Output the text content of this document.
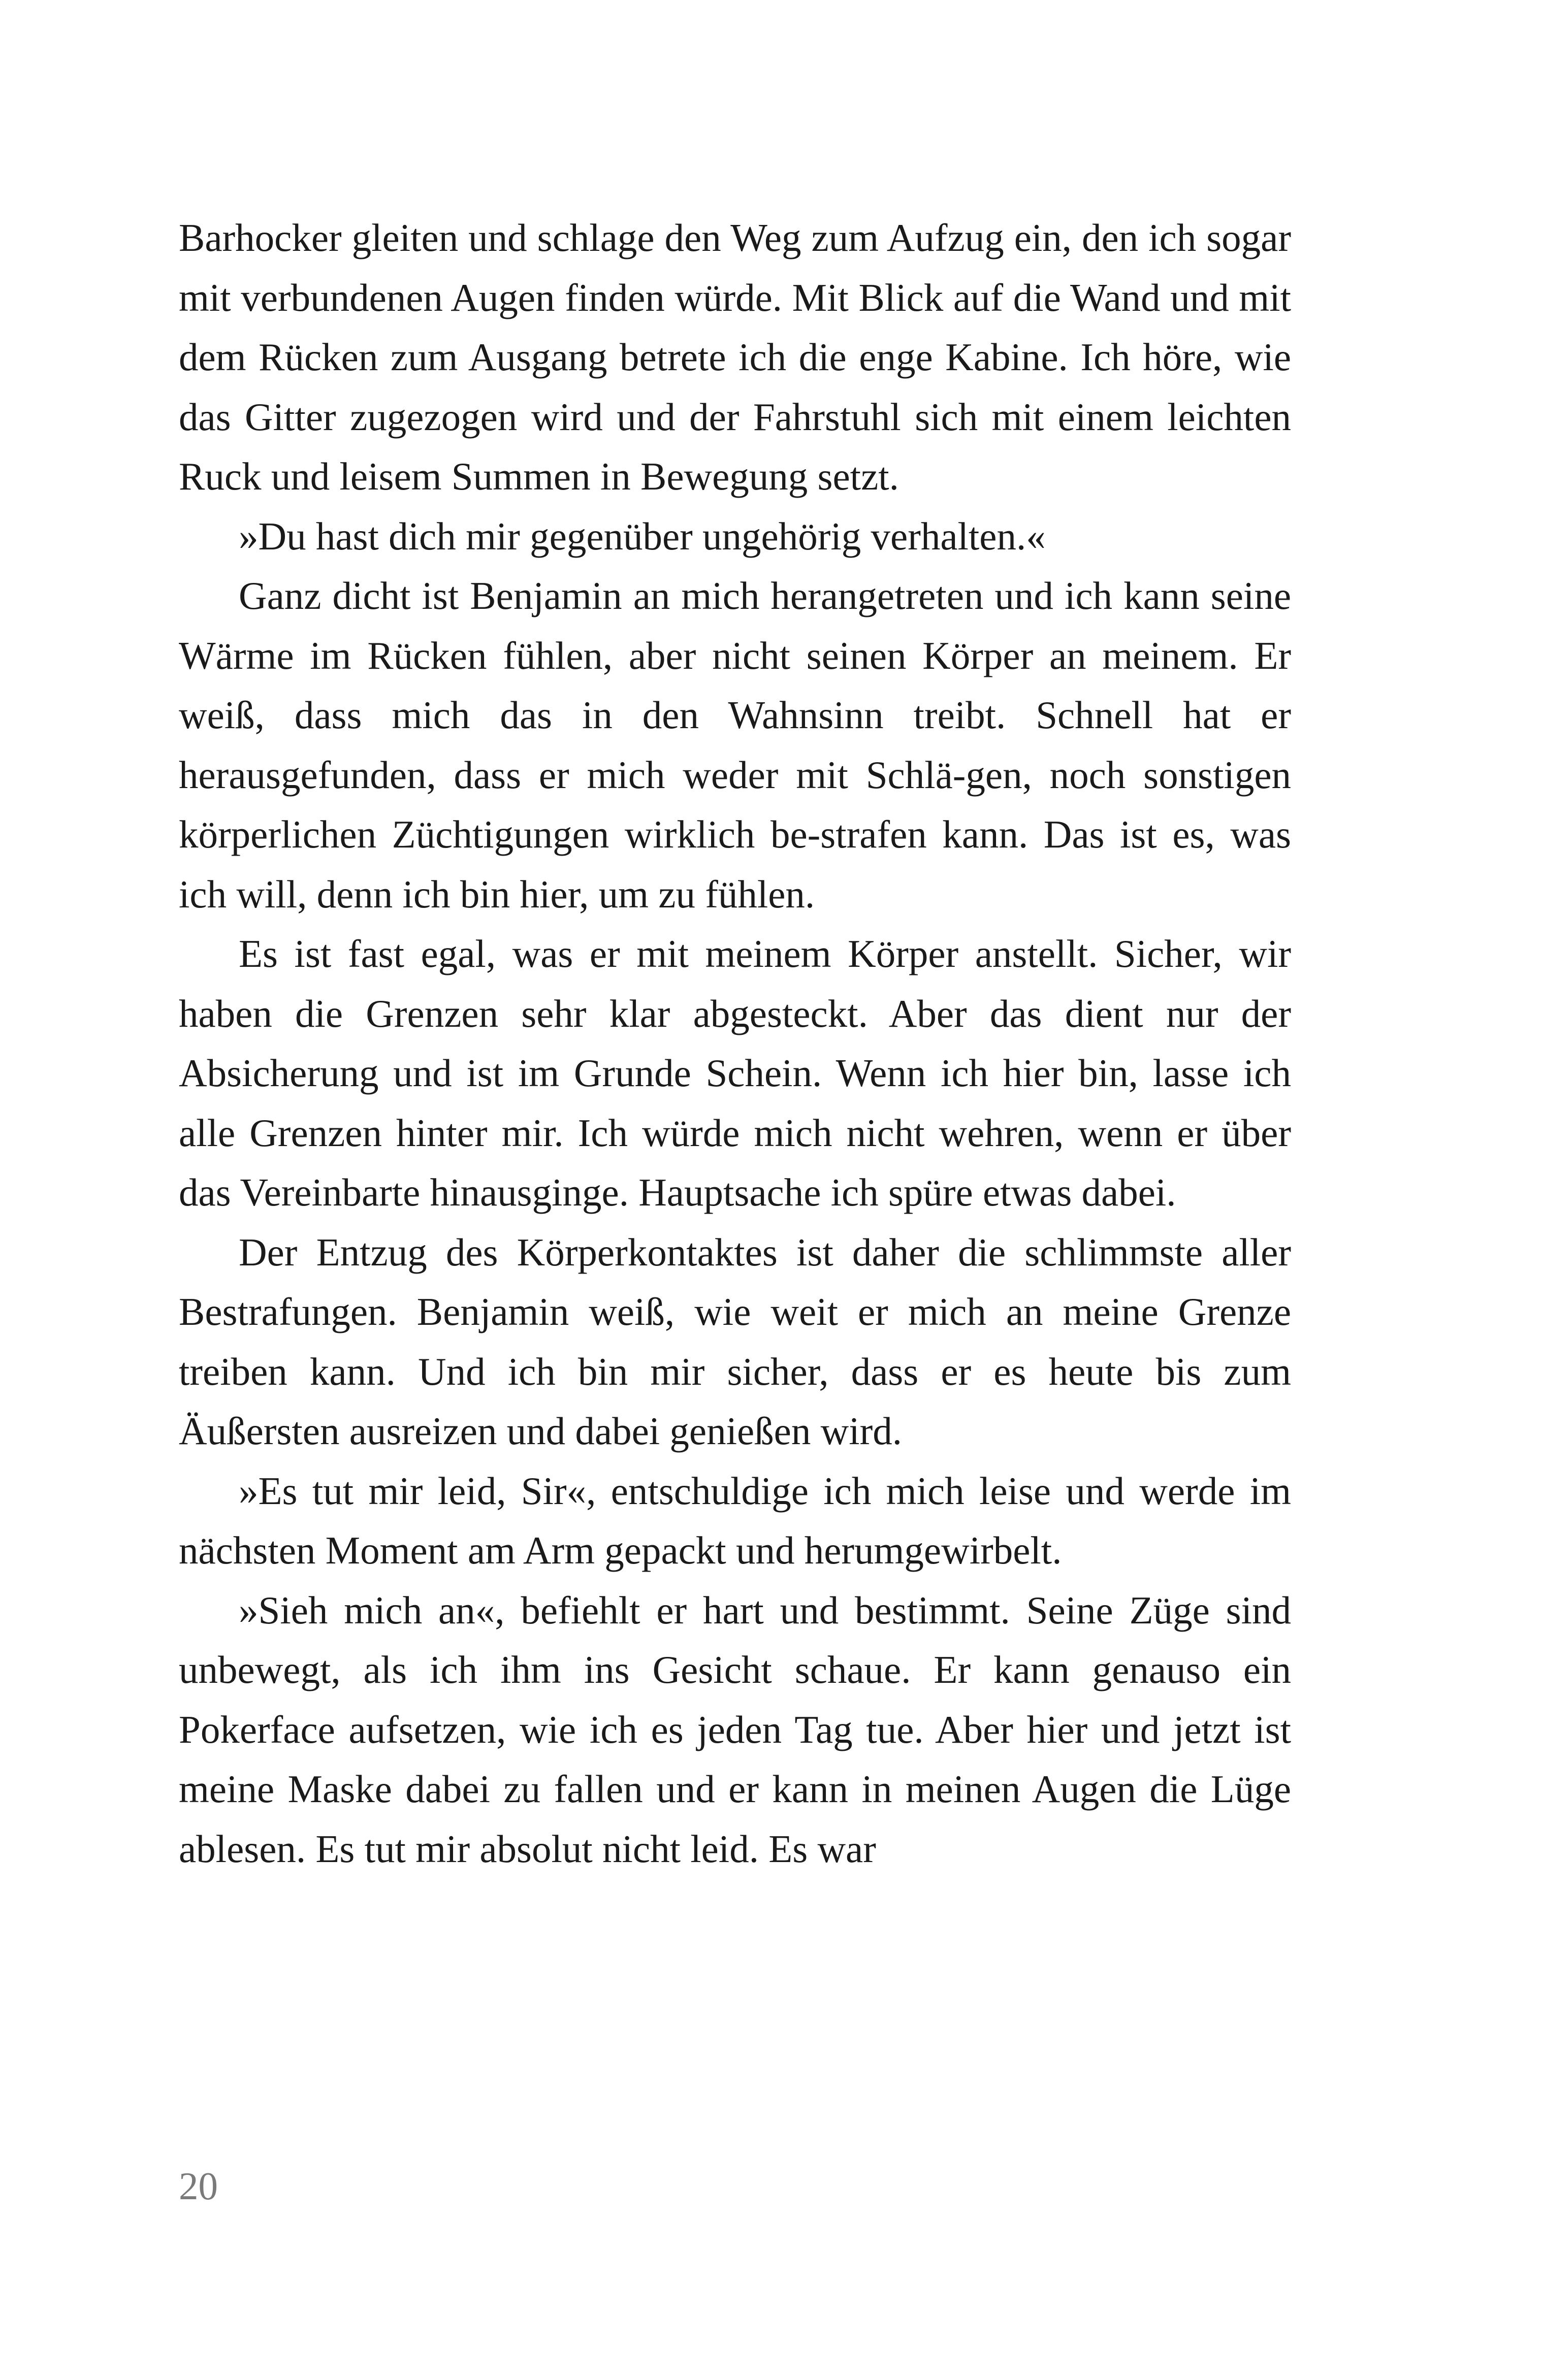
Barhocker gleiten und schlage den Weg zum Aufzug ein, den ich sogar mit verbundenen Augen finden würde. Mit Blick auf die Wand und mit dem Rücken zum Ausgang betrete ich die enge Kabine. Ich höre, wie das Gitter zugezogen wird und der Fahrstuhl sich mit einem leichten Ruck und leisem Summen in Bewegung setzt.

»Du hast dich mir gegenüber ungehörig verhalten.«

Ganz dicht ist Benjamin an mich herangetreten und ich kann seine Wärme im Rücken fühlen, aber nicht seinen Körper an meinem. Er weiß, dass mich das in den Wahnsinn treibt. Schnell hat er herausgefunden, dass er mich weder mit Schlä-gen, noch sonstigen körperlichen Züchtigungen wirklich be-strafen kann. Das ist es, was ich will, denn ich bin hier, um zu fühlen.

Es ist fast egal, was er mit meinem Körper anstellt. Sicher, wir haben die Grenzen sehr klar abgesteckt. Aber das dient nur der Absicherung und ist im Grunde Schein. Wenn ich hier bin, lasse ich alle Grenzen hinter mir. Ich würde mich nicht wehren, wenn er über das Vereinbarte hinausginge. Hauptsache ich spüre etwas dabei.

Der Entzug des Körperkontaktes ist daher die schlimmste aller Bestrafungen. Benjamin weiß, wie weit er mich an meine Grenze treiben kann. Und ich bin mir sicher, dass er es heute bis zum Äußersten ausreizen und dabei genießen wird.

»Es tut mir leid, Sir«, entschuldige ich mich leise und werde im nächsten Moment am Arm gepackt und herumgewirbelt.

»Sieh mich an«, befiehlt er hart und bestimmt. Seine Züge sind unbewegt, als ich ihm ins Gesicht schaue. Er kann genauso ein Pokerface aufsetzen, wie ich es jeden Tag tue. Aber hier und jetzt ist meine Maske dabei zu fallen und er kann in meinen Augen die Lüge ablesen. Es tut mir absolut nicht leid. Es war

20
